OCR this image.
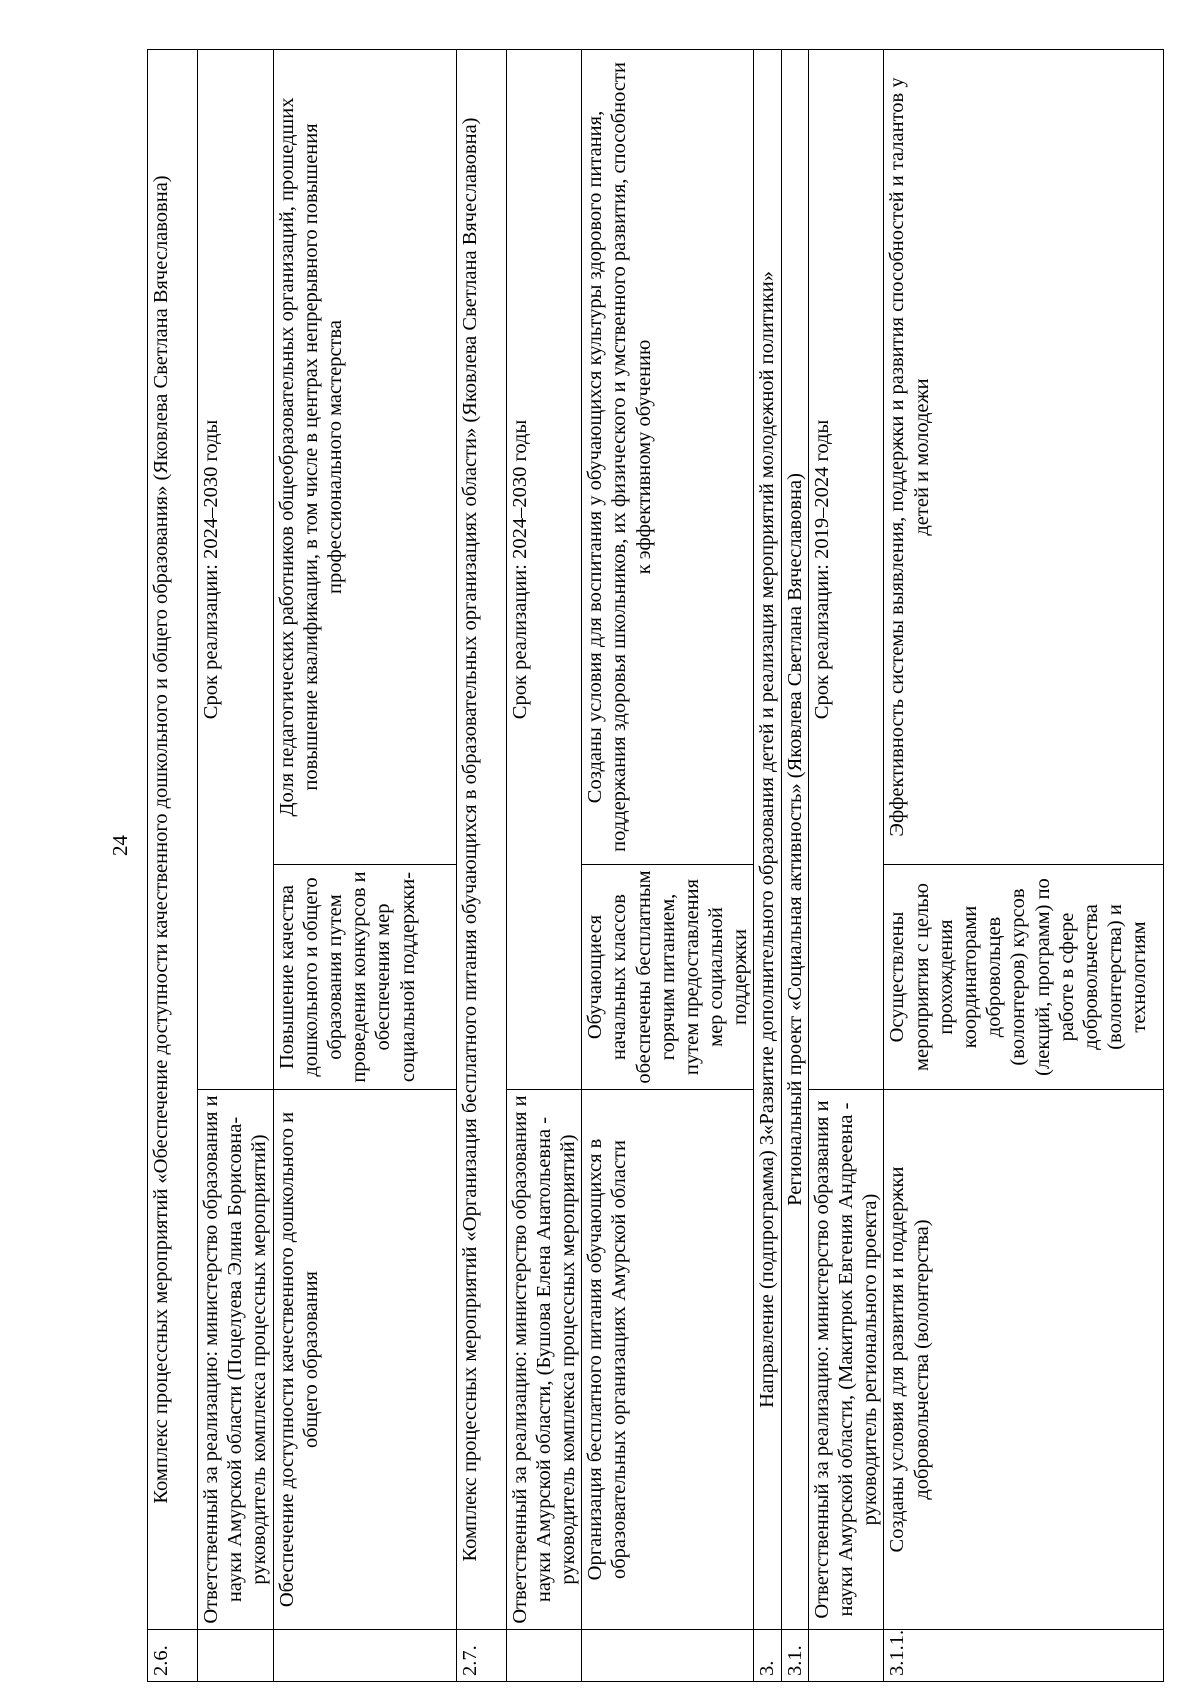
24
2.6.	Комплекс процессных мероприятий «Обеспечение доступности качественного дошкольного и общего образования» (Яковлева Светлана Вячеславовна)		
	Ответственный за реализацию: министерство образования и науки Амурской области (Поцелуева Элина Борисовна-руководитель комплекса процессных мероприятий)	Срок реализации: 2024–2030 годы	
	Обеспечение доступности качественного дошкольного и общего образования	Повышение качества дошкольного и общего образования путем проведения конкурсов и обеспечения мер социальной поддержки-	Доля педагогических работников общеобразовательных организаций, прошедших повышение квалификации, в том числе в центрах непрерывного повышения профессионального мастерства
2.7.	Комплекс процессных мероприятий «Организация бесплатного питания обучающихся в образовательных организациях области» (Яковлева Светлана Вячеславовна)		
	Ответственный за реализацию: министерство образования и науки Амурской области, (Бушова Елена Анатольевна - руководитель комплекса процессных мероприятий)	Срок реализации: 2024–2030 годы	
	Организация бесплатного питания обучающихся в образовательных организациях Амурской области	Обучающиеся начальных классов обеспечены бесплатным горячим питанием, путем предоставления мер социальной поддержки	Созданы условия для воспитания у обучающихся культуры здорового питания, поддержания здоровья школьников, их физического и умственного развития, способности к эффективному обучению
3.	Направление (подпрограмма) 3«Развитие дополнительного образования детей и реализация мероприятий молодежной политики»		
3.1.	Региональный проект «Социальная активность» (Яковлева Светлана Вячеславовна)		
	Ответственный за реализацию: министерство образвания и науки Амурской области, (Макитрюк Евгения Андреевна - руководитель регионального проекта)	Срок реализации: 2019–2024 годы	
3.1.1.	Созданы условия для развития и поддержки добровольчества (волонтерства)	Осуществлены мероприятия с целью прохождения координаторами добровольцев (волонтеров) курсов (лекций, программ) по работе в сфере добровольчества (волонтерства) и технологиям	Эффективность системы выявления, поддержки и развития способностей и талантов у детей и молодежи
